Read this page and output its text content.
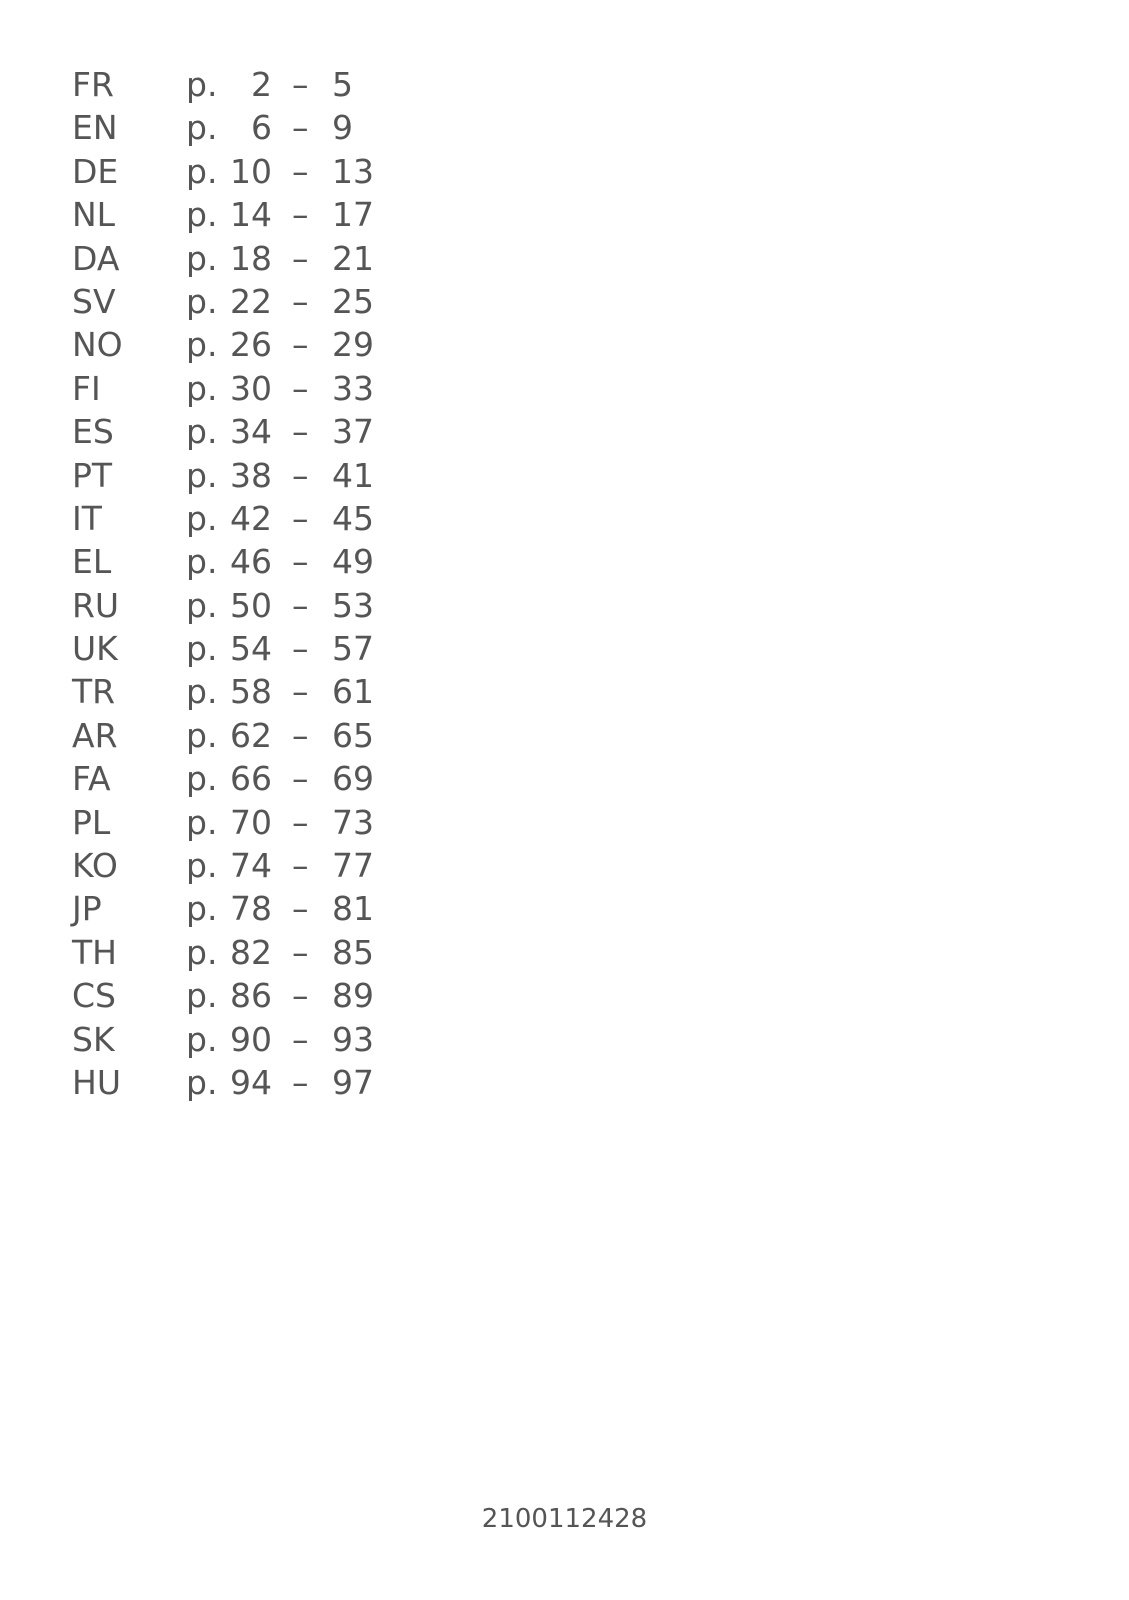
FR p.	2 – 5
EN p.	6 – 9
DE p. 10 – 13
NL p. 14 – 17
DA p. 18 – 21
SV p. 22 – 25
NO p. 26 – 29
FI	p. 30 – 33
ES p. 34 – 37
PT p. 38 – 41
IT	p. 42 – 45
EL p. 46 – 49
RU p. 50 – 53
UK p. 54 – 57
TR p. 58 – 61
AR p. 62 – 65
FA p. 66 – 69
PL p. 70 – 73
KO p. 74 – 77
JP	p. 78 – 81
TH p. 82 – 85
CS p. 86 – 89
SK p. 90 – 93
HU p. 94 – 97
2100112428
